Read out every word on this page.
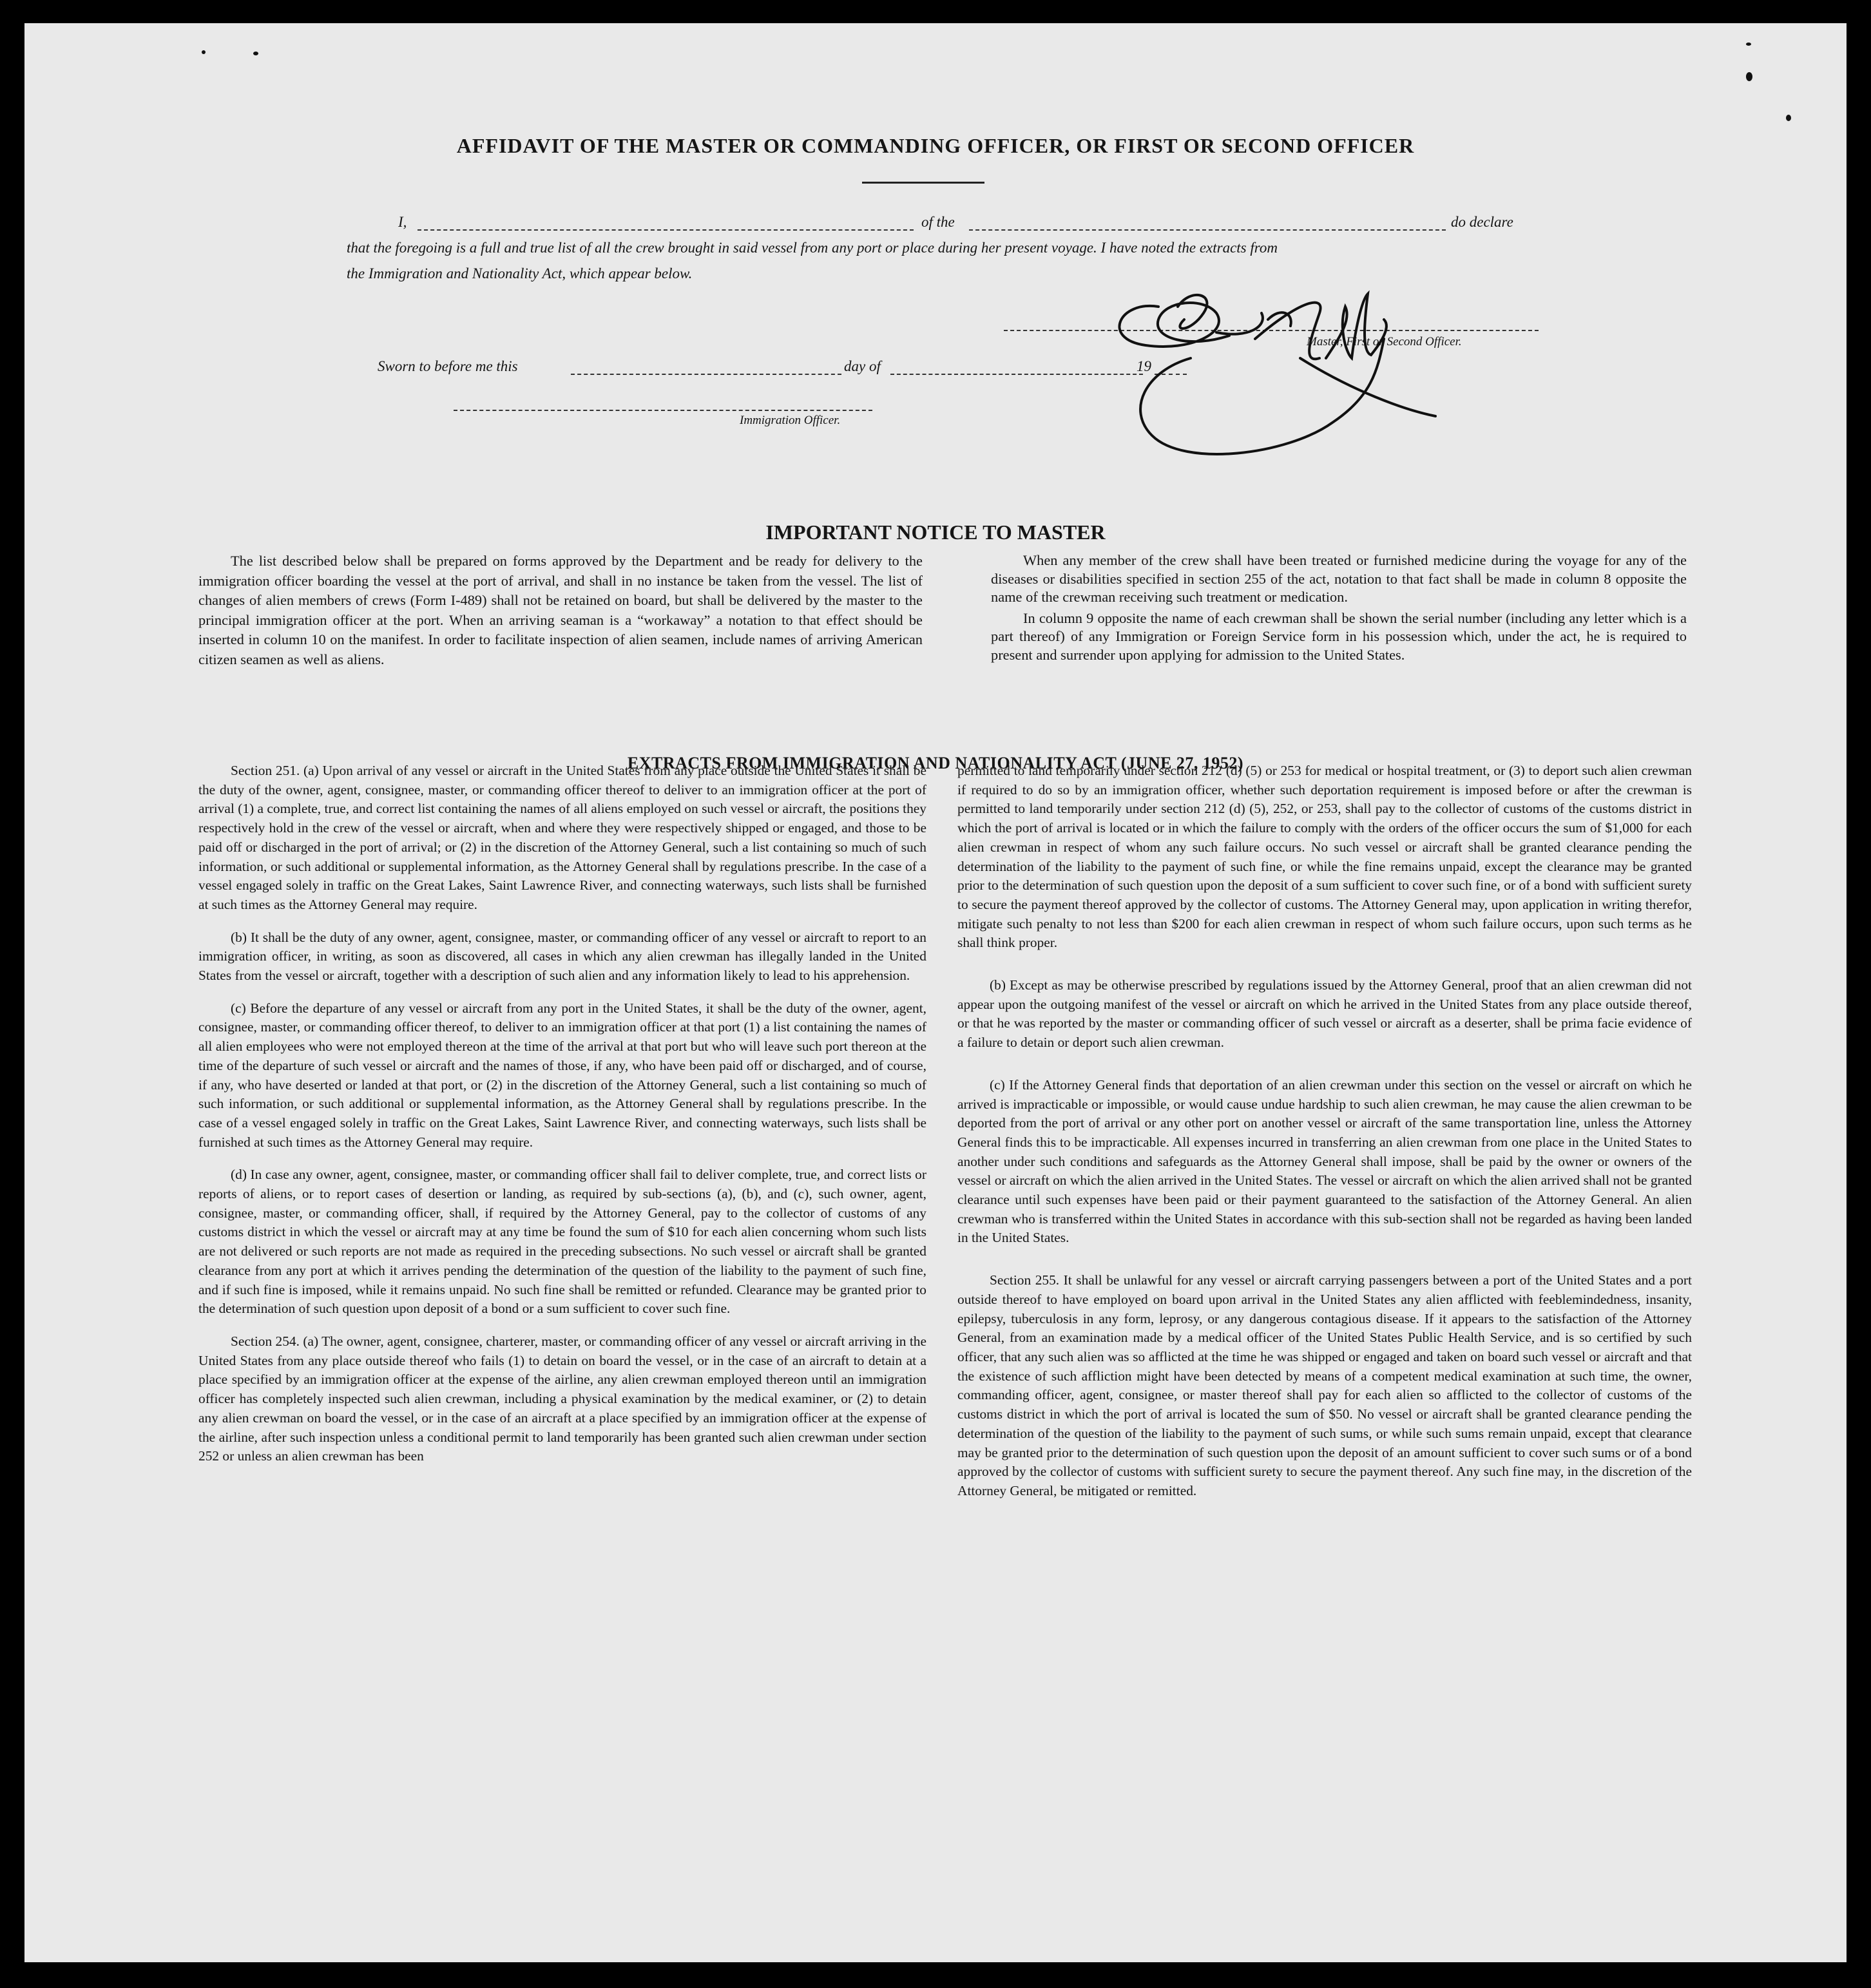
AFFIDAVIT OF THE MASTER OR COMMANDING OFFICER, OR FIRST OR SECOND OFFICER
I,	of the	do declare
that the foregoing is a full and true list of all the crew brought in said vessel from any port or place during her present voyage. I have noted the extracts from
the Immigration and Nationality Act, which appear below.
Master, First or Second Officer.
Sworn to before me this	day of	19
Immigration Officer.
IMPORTANT NOTICE TO MASTER

The list described below shall be prepared on forms approved by the Department and be ready for delivery to the immigration officer boarding the vessel at the port of arrival, and shall in no instance be taken from the vessel. The list of changes of alien members of crews (Form I-489) shall not be retained on board, but shall be delivered by the master to the principal immigration officer at the port. When an arriving seaman is a “workaway” a notation to that effect should be inserted in column 10 on the manifest. In order to facilitate inspection of alien seamen, include names of arriving American citizen seamen as well as aliens.

When any member of the crew shall have been treated or furnished medicine during the voyage for any of the diseases or disabilities specified in section 255 of the act, notation to that fact shall be made in column 8 opposite the name of the crewman receiving such treatment or medication.

In column 9 opposite the name of each crewman shall be shown the serial number (including any letter which is a part thereof) of any Immigration or Foreign Service form in his possession which, under the act, he is required to present and surrender upon applying for admission to the United States.

EXTRACTS FROM IMMIGRATION AND NATIONALITY ACT (JUNE 27, 1952)

Section 251. (a) Upon arrival of any vessel or aircraft in the United States from any place outside the United States it shall be the duty of the owner, agent, consignee, master, or commanding officer thereof to deliver to an immigration officer at the port of arrival (1) a complete, true, and correct list containing the names of all aliens employed on such vessel or aircraft, the positions they respectively hold in the crew of the vessel or aircraft, when and where they were respectively shipped or engaged, and those to be paid off or discharged in the port of arrival; or (2) in the discretion of the Attorney General, such a list containing so much of such information, or such additional or supplemental information, as the Attorney General shall by regulations prescribe. In the case of a vessel engaged solely in traffic on the Great Lakes, Saint Lawrence River, and connecting waterways, such lists shall be furnished at such times as the Attorney General may require.

(b) It shall be the duty of any owner, agent, consignee, master, or commanding officer of any vessel or aircraft to report to an immigration officer, in writing, as soon as discovered, all cases in which any alien crewman has illegally landed in the United States from the vessel or aircraft, together with a description of such alien and any information likely to lead to his apprehension.

(c) Before the departure of any vessel or aircraft from any port in the United States, it shall be the duty of the owner, agent, consignee, master, or commanding officer thereof, to deliver to an immigration officer at that port (1) a list containing the names of all alien employees who were not employed thereon at the time of the arrival at that port but who will leave such port thereon at the time of the departure of such vessel or aircraft and the names of those, if any, who have been paid off or discharged, and of course, if any, who have deserted or landed at that port, or (2) in the discretion of the Attorney General, such a list containing so much of such information, or such additional or supplemental information, as the Attorney General shall by regulations prescribe. In the case of a vessel engaged solely in traffic on the Great Lakes, Saint Lawrence River, and connecting waterways, such lists shall be furnished at such times as the Attorney General may require.

(d) In case any owner, agent, consignee, master, or commanding officer shall fail to deliver complete, true, and correct lists or reports of aliens, or to report cases of desertion or landing, as required by sub-sections (a), (b), and (c), such owner, agent, consignee, master, or commanding officer, shall, if required by the Attorney General, pay to the collector of customs of any customs district in which the vessel or aircraft may at any time be found the sum of $10 for each alien concerning whom such lists are not delivered or such reports are not made as required in the preceding subsections. No such vessel or aircraft shall be granted clearance from any port at which it arrives pending the determination of the question of the liability to the payment of such fine, and if such fine is imposed, while it remains unpaid. No such fine shall be remitted or refunded. Clearance may be granted prior to the determination of such question upon deposit of a bond or a sum sufficient to cover such fine.

Section 254. (a) The owner, agent, consignee, charterer, master, or commanding officer of any vessel or aircraft arriving in the United States from any place outside thereof who fails (1) to detain on board the vessel, or in the case of an aircraft to detain at a place specified by an immigration officer at the expense of the airline, any alien crewman employed thereon until an immigration officer has completely inspected such alien crewman, including a physical examination by the medical examiner, or (2) to detain any alien crewman on board the vessel, or in the case of an aircraft at a place specified by an immigration officer at the expense of the airline, after such inspection unless a conditional permit to land temporarily has been granted such alien crewman under section 252 or unless an alien crewman has been

permitted to land temporarily under section 212 (d) (5) or 253 for medical or hospital treatment, or (3) to deport such alien crewman if required to do so by an immigration officer, whether such deportation requirement is imposed before or after the crewman is permitted to land temporarily under section 212 (d) (5), 252, or 253, shall pay to the collector of customs of the customs district in which the port of arrival is located or in which the failure to comply with the orders of the officer occurs the sum of $1,000 for each alien crewman in respect of whom any such failure occurs. No such vessel or aircraft shall be granted clearance pending the determination of the liability to the payment of such fine, or while the fine remains unpaid, except the clearance may be granted prior to the determination of such question upon the deposit of a sum sufficient to cover such fine, or of a bond with sufficient surety to secure the payment thereof approved by the collector of customs. The Attorney General may, upon application in writing therefor, mitigate such penalty to not less than $200 for each alien crewman in respect of whom such failure occurs, upon such terms as he shall think proper.

(b) Except as may be otherwise prescribed by regulations issued by the Attorney General, proof that an alien crewman did not appear upon the outgoing manifest of the vessel or aircraft on which he arrived in the United States from any place outside thereof, or that he was reported by the master or commanding officer of such vessel or aircraft as a deserter, shall be prima facie evidence of a failure to detain or deport such alien crewman.

(c) If the Attorney General finds that deportation of an alien crewman under this section on the vessel or aircraft on which he arrived is impracticable or impossible, or would cause undue hardship to such alien crewman, he may cause the alien crewman to be deported from the port of arrival or any other port on another vessel or aircraft of the same transportation line, unless the Attorney General finds this to be impracticable. All expenses incurred in transferring an alien crewman from one place in the United States to another under such conditions and safeguards as the Attorney General shall impose, shall be paid by the owner or owners of the vessel or aircraft on which the alien arrived in the United States. The vessel or aircraft on which the alien arrived shall not be granted clearance until such expenses have been paid or their payment guaranteed to the satisfaction of the Attorney General. An alien crewman who is transferred within the United States in accordance with this sub-section shall not be regarded as having been landed in the United States.

Section 255. It shall be unlawful for any vessel or aircraft carrying passengers between a port of the United States and a port outside thereof to have employed on board upon arrival in the United States any alien afflicted with feeblemindedness, insanity, epilepsy, tuberculosis in any form, leprosy, or any dangerous contagious disease. If it appears to the satisfaction of the Attorney General, from an examination made by a medical officer of the United States Public Health Service, and is so certified by such officer, that any such alien was so afflicted at the time he was shipped or engaged and taken on board such vessel or aircraft and that the existence of such affliction might have been detected by means of a competent medical examination at such time, the owner, commanding officer, agent, consignee, or master thereof shall pay for each alien so afflicted to the collector of customs of the customs district in which the port of arrival is located the sum of $50. No vessel or aircraft shall be granted clearance pending the determination of the question of the liability to the payment of such sums, or while such sums remain unpaid, except that clearance may be granted prior to the determination of such question upon the deposit of an amount sufficient to cover such sums or of a bond approved by the collector of customs with sufficient surety to secure the payment thereof. Any such fine may, in the discretion of the Attorney General, be mitigated or remitted.
